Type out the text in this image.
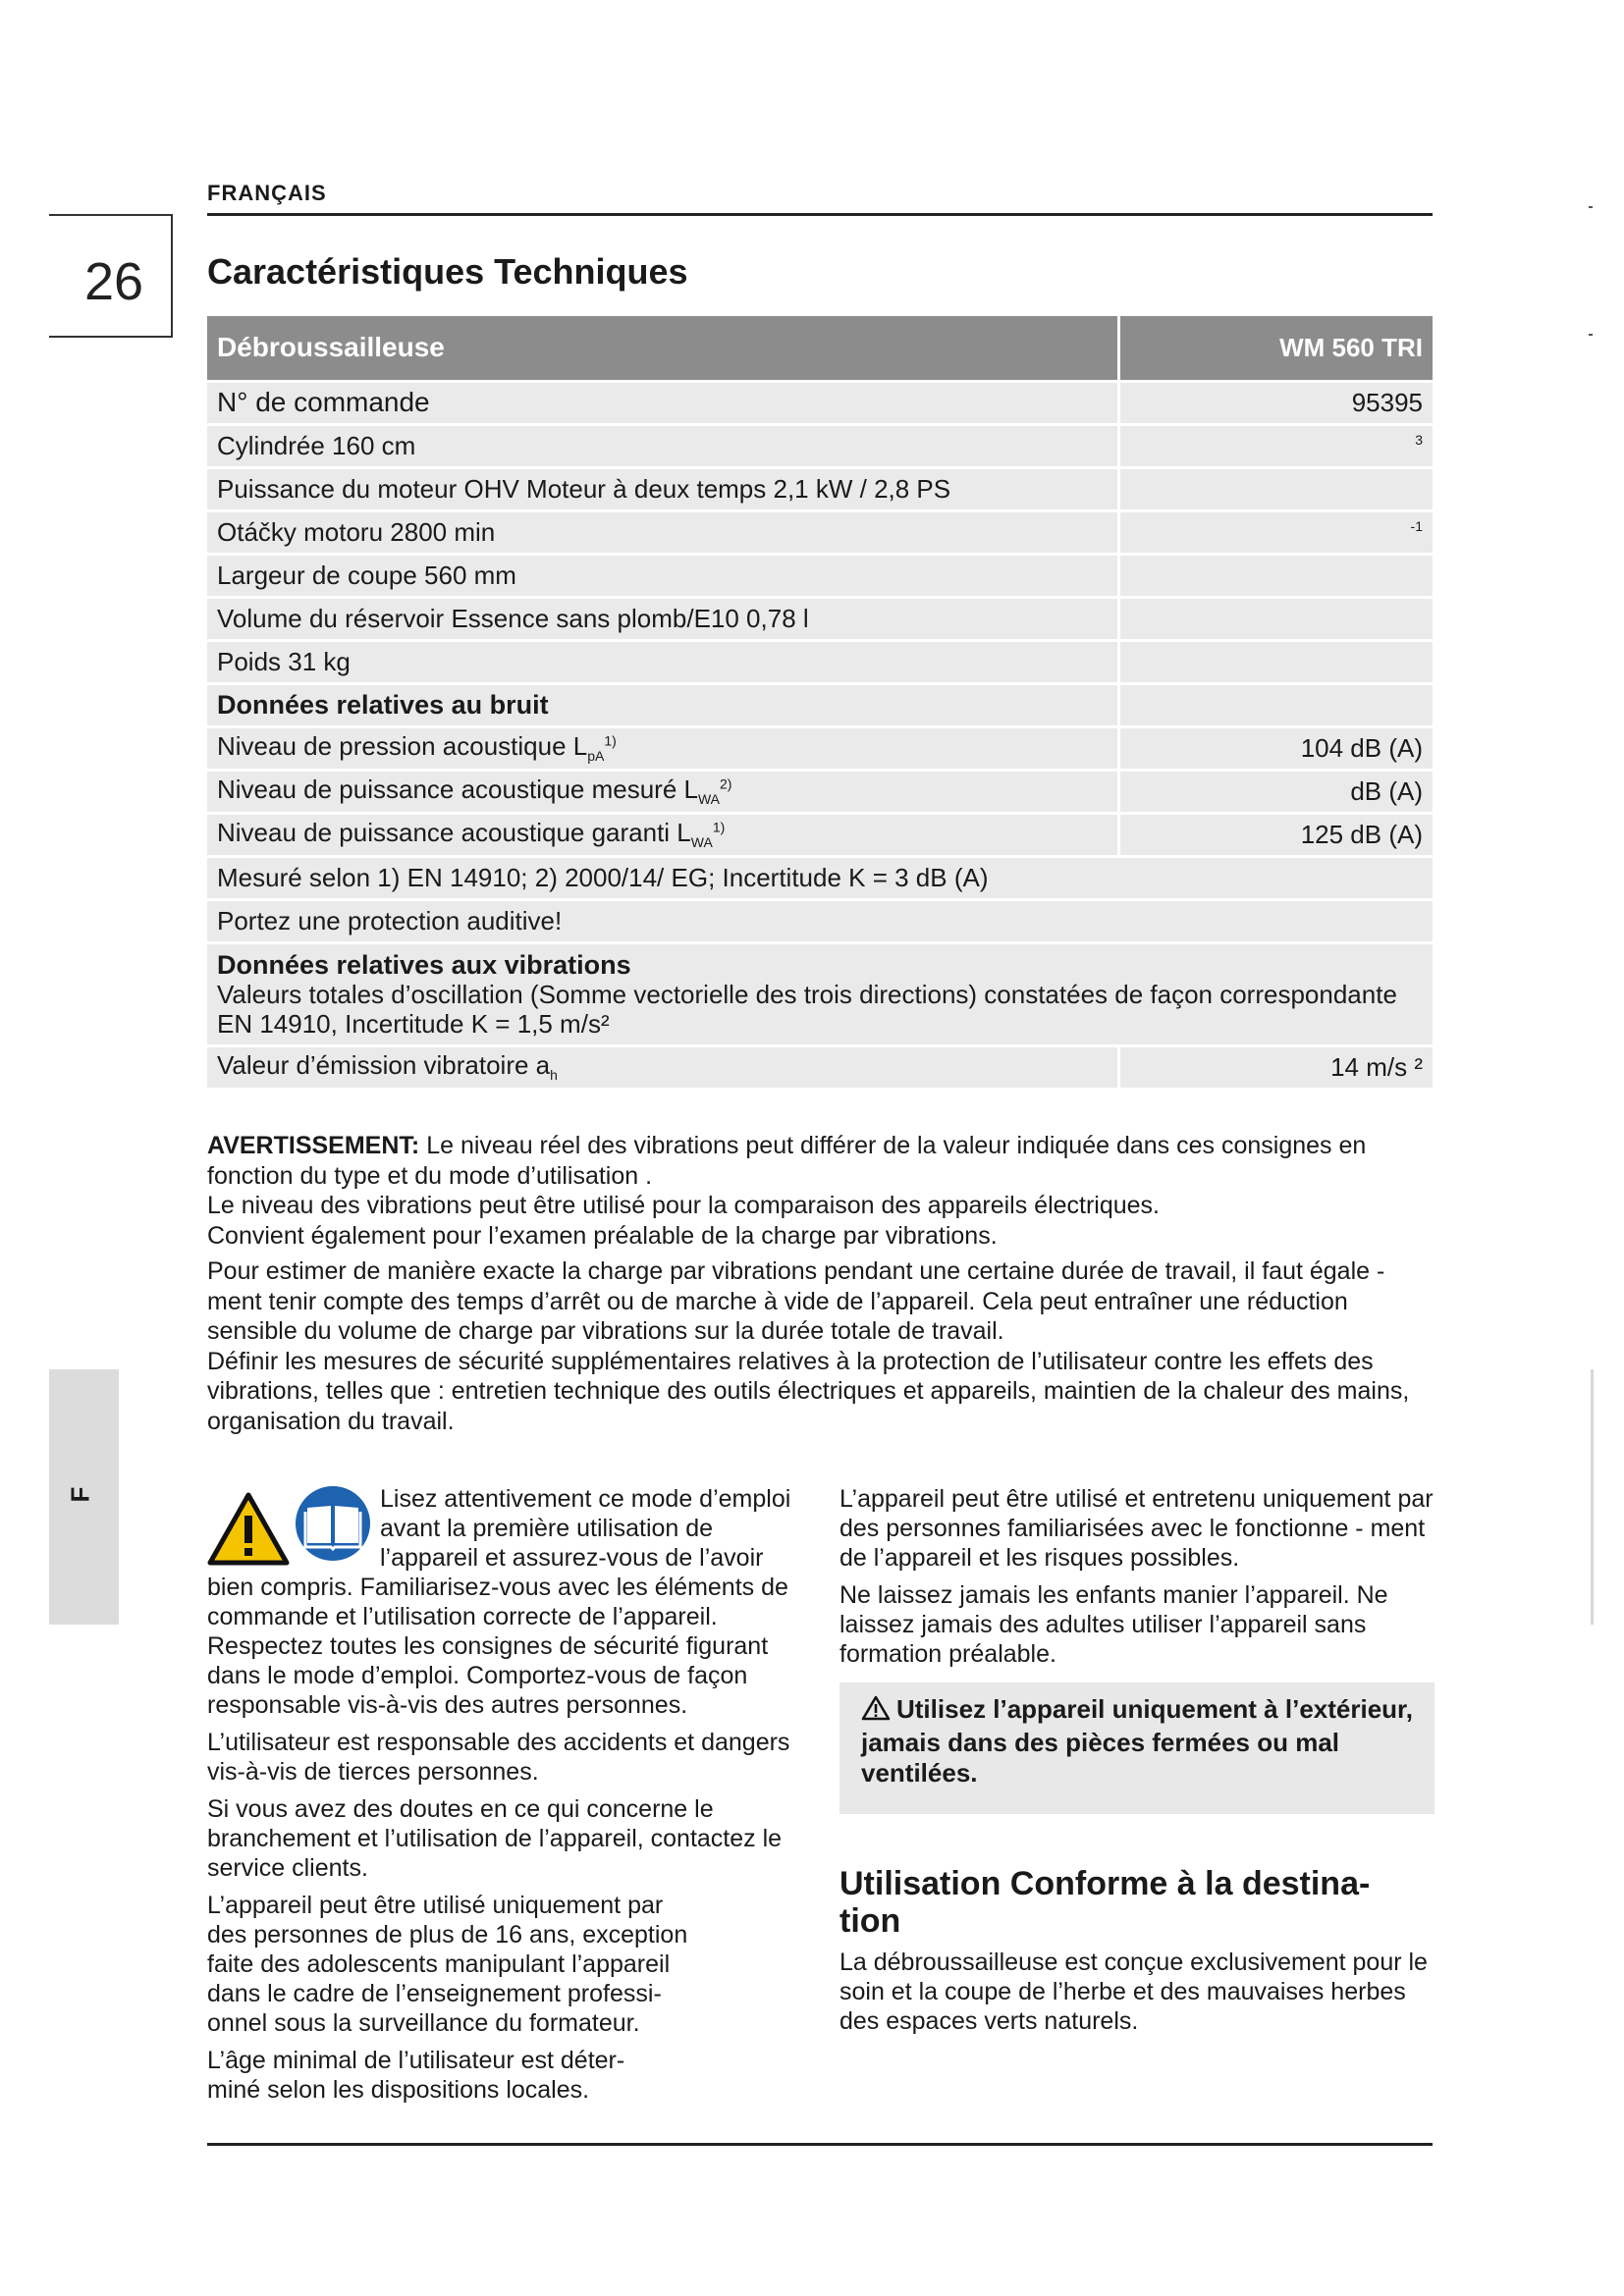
FRANÇAIS
26 Caractéristiques Techniques
Débroussailleuse	WM 560 TRI
N° de commande	95395
Cylindrée 160 cm	3
Puissance du moteur OHV Moteur à deux temps 2,1 kW / 2,8 PS	
Otáčky motoru 2800 min	-1
Largeur de coupe 560 mm	
Volume du réservoir Essence sans plomb/E10 0,78 l	
Poids 31 kg	
Données relatives au bruit	
Niveau de pression acoustique $L_{pA}^{1)}$	104 dB (A)
Niveau de puissance acoustique mesuré $L_{WA}^{2)}$	dB (A)
Niveau de puissance acoustique garanti $L_{WA}^{1)}$	125 dB (A)
Mesuré selon 1) EN 14910; 2) 2000/14/ EG; Incertitude K = 3 dB (A)	
Portez une protection auditive!	

Données relatives aux vibrations
Valeurs totales d’oscillation (Somme vectorielle des trois directions) constatées de façon correspondante EN 14910, Incertitude K = 1,5 m/s²	

Valeur d’émission vibratoire $a_h$	14 m/s ²

AVERTISSEMENT: Le niveau réel des vibrations peut différer de la valeur indiquée dans ces consignes en fonction du type et du mode d’utilisation .

Le niveau des vibrations peut être utilisé pour la comparaison des appareils électriques.

Convient également pour l’examen préalable de la charge par vibrations.

Pour estimer de manière exacte la charge par vibrations pendant une certaine durée de travail, il faut égale - ment tenir compte des temps d’arrêt ou de marche à vide de l’appareil. Cela peut entraîner une réduction sensible du volume de charge par vibrations sur la durée totale de travail.

Définir les mesures de sécurité supplémentaires relatives à la protection de l’utilisateur contre les effets des vibrations, telles que : entretien technique des outils électriques et appareils, maintien de la chaleur des mains, organisation du travail.

F	Lisez attentivement ce mode d’emploi avant la première utilisation de l’appareil et assurez-vous de l’avoir bien compris. Familiarisez-vous avec les éléments de commande et l’utilisation correcte de l’appareil. Respectez toutes les consignes de sécurité figurant dans le mode d’emploi. Comportez-vous de façon responsable vis-à-vis des autres personnes.

L’utilisateur est responsable des accidents et dangers vis-à-vis de tierces personnes.

Si vous avez des doutes en ce qui concerne le branchement et l’utilisation de l’appareil, contactez le service clients.

L’appareil peut être utilisé uniquement par des personnes de plus de 16 ans, exception faite des adolescents manipulant l’appareil dans le cadre de l’enseignement professi- onnel sous la surveillance du formateur.

L’âge minimal de l’utilisateur est déter- miné selon les dispositions locales.

L’appareil peut être utilisé et entretenu uniquement par des personnes familiarisées avec le fonctionne - ment de l’appareil et les risques possibles.

Ne laissez jamais les enfants manier l’appareil. Ne laissez jamais des adultes utiliser l’appareil sans formation préalable.

Utilisez l’appareil uniquement à l’extérieur, jamais dans des pièces fermées ou mal ventilées.
Utilisation Conforme à la destina- tion

La débroussailleuse est conçue exclusivement pour le soin et la coupe de l’herbe et des mauvaises herbes des espaces verts naturels.
